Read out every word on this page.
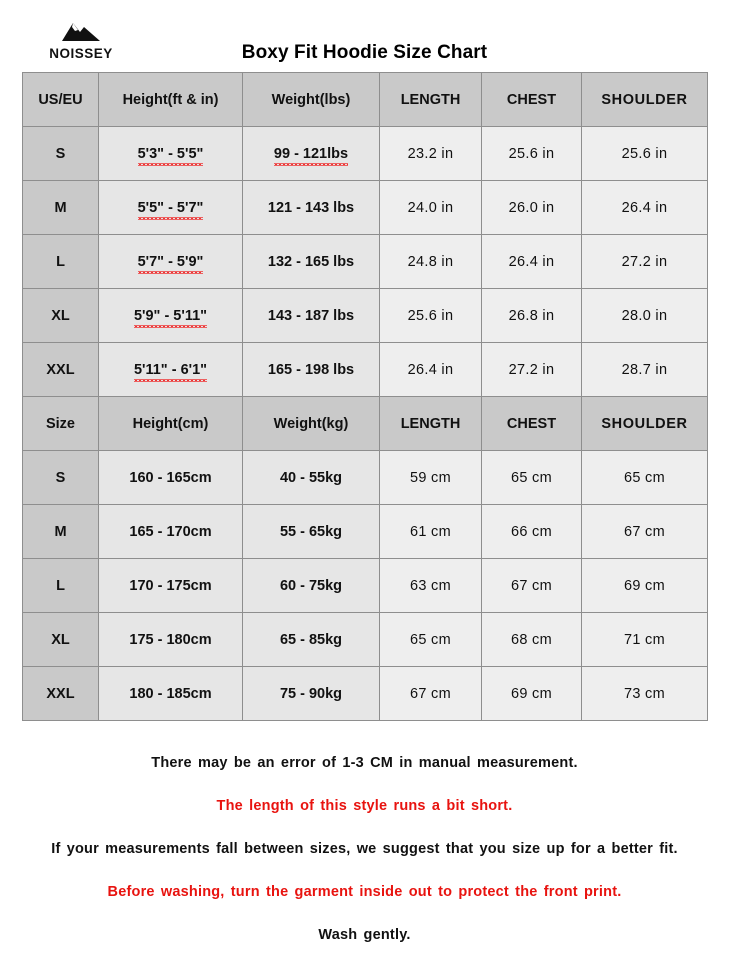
NOISSEY	Boxy Fit Hoodie Size Chart
US/EU	Height(ft & in)	Weight(lbs)	LENGTH	CHEST	SHOULDER
S	5'3" - 5'5"	99 - 121lbs	23.2 in	25.6 in	25.6 in
M	5'5" - 5'7"	121 - 143 lbs	24.0 in	26.0 in	26.4 in
L	5'7" - 5'9"	132 - 165 lbs	24.8 in	26.4 in	27.2 in
XL	5'9" - 5'11"	143 - 187 lbs	25.6 in	26.8 in	28.0 in
XXL	5'11" - 6'1"	165 - 198 lbs	26.4 in	27.2 in	28.7 in
Size	Height(cm)	Weight(kg)	LENGTH	CHEST	SHOULDER
S	160 - 165cm	40 - 55kg	59 cm	65 cm	65 cm
M	165 - 170cm	55 - 65kg	61 cm	66 cm	67 cm
L	170 - 175cm	60 - 75kg	63 cm	67 cm	69 cm
XL	175 - 180cm	65 - 85kg	65 cm	68 cm	71 cm
XXL	180 - 185cm	75 - 90kg	67 cm	69 cm	73 cm
There may be an error of 1-3 CM in manual measurement.
The length of this style runs a bit short.
If your measurements fall between sizes, we suggest that you size up for a better fit.
Before washing, turn the garment inside out to protect the front print.
Wash gently.
